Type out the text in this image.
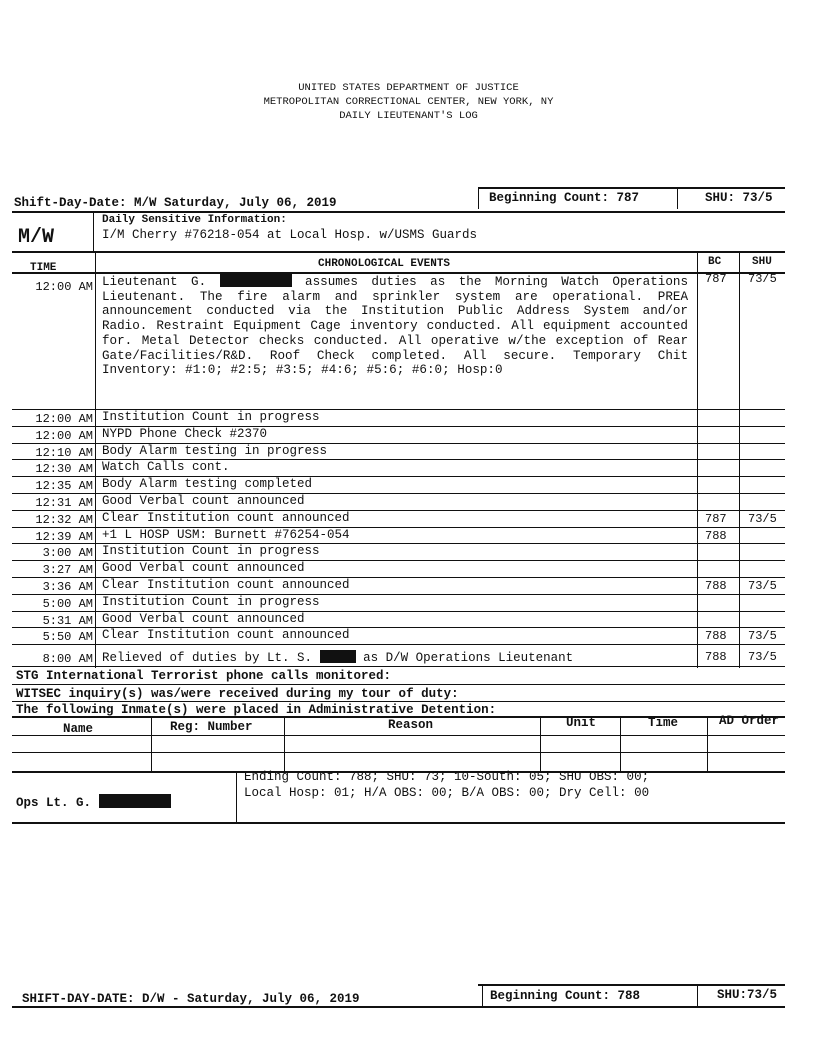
UNITED STATES DEPARTMENT OF JUSTICE
METROPOLITAN CORRECTIONAL CENTER, NEW YORK, NY
DAILY LIEUTENANT'S LOG
Shift-Day-Date: M/W Saturday, July 06, 2019	Beginning Count: 787	SHU: 73/5
M/W
Daily Sensitive Information:
I/M Cherry #76218-054 at Local Hosp. w/USMS Guards
TIME	CHRONOLOGICAL EVENTS	BC	SHU
12:00 AM Lieutenant G.	assumes duties as the Morning Watch Operations Lieutenant. The fire alarm and sprinkler system are operational. PREA announcement conducted via the Institution Public Address System and/or Radio. Restraint Equipment Cage inventory conducted. All equipment accounted for. Metal Detector checks conducted. All operative w/the exception of Rear Gate/Facilities/R&D. Roof Check completed. All secure. Temporary Chit Inventory: #1:0; #2:5; #3:5; #4:6; #5:6; #6:0; Hosp:0
787 73/5
12:00 AM Institution Count in progress
12:00 AM NYPD Phone Check #2370
12:10 AM Body Alarm testing in progress
12:30 AM Watch Calls cont.
12:35 AM Body Alarm testing completed
12:31 AM Good Verbal count announced
12:32 AM Clear Institution count announced	787 73/5
12:39 AM +1 L HOSP USM: Burnett #76254-054	788
3:00 AM Institution Count in progress
3:27 AM Good Verbal count announced
3:36 AM Clear Institution count announced	788 73/5
5:00 AM Institution Count in progress
5:31 AM Good Verbal count announced
5:50 AM Clear Institution count announced	788 73/5
8:00 AM Relieved of duties by Lt. S.	as D/W Operations Lieutenant	788 73/5
STG International Terrorist phone calls monitored:
WITSEC inquiry(s) was/were received during my tour of duty:
The following Inmate(s) were placed in Administrative Detention:
Name	Reg: Number	Reason	Unit	Time	AD Order
Ops Lt. G.
Ending Count: 788; SHU: 73; 10-South: 05; SHU OBS: 00;
Local Hosp: 01; H/A OBS: 00; B/A OBS: 00; Dry Cell: 00
SHIFT-DAY-DATE: D/W - Saturday, July 06, 2019	Beginning Count: 788	SHU:73/5
